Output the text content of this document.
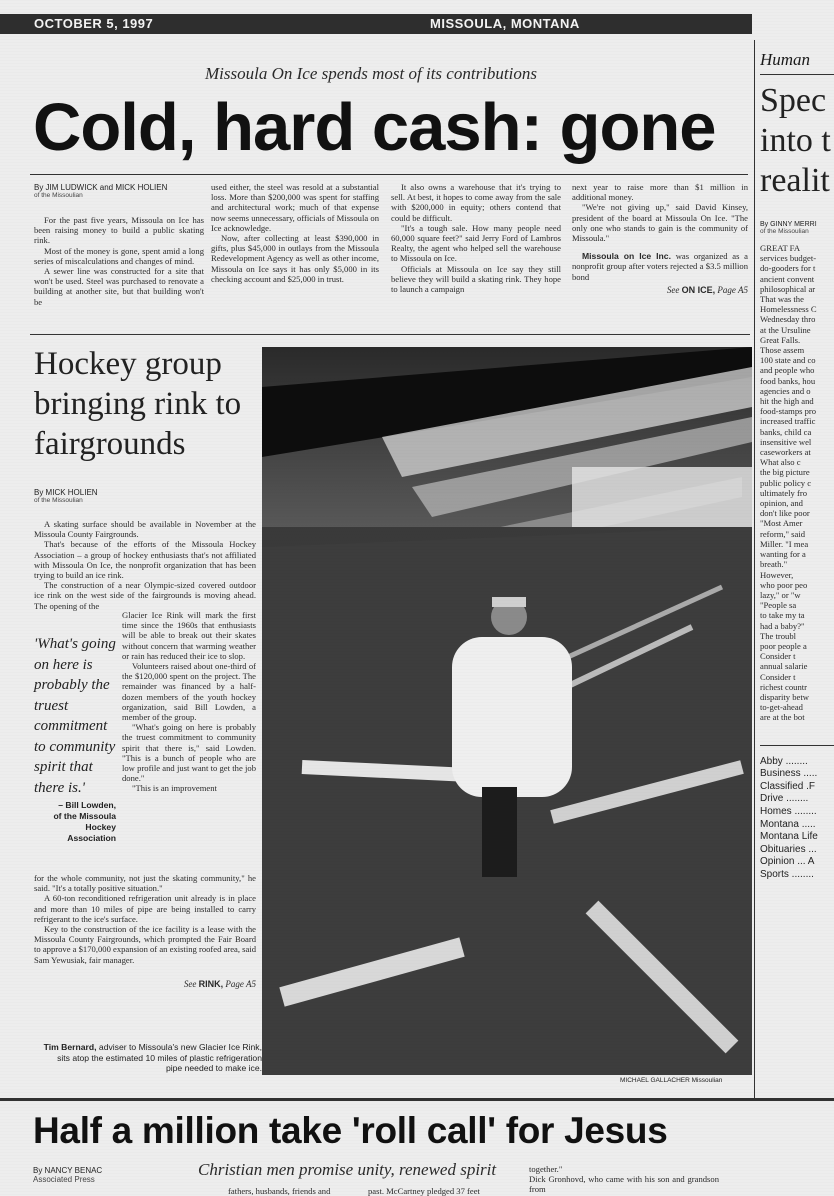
OCTOBER 5, 1997	MISSOULA, MONTANA
Missoula On Ice spends most of its contributions
Cold, hard cash: gone
By JIM LUDWICK and MICK HOLIEN
of the Missoulian

For the past five years, Missoula on Ice has been raising money to build a public skating rink.

Most of the money is gone, spent amid a long series of miscalculations and changes of mind.

A sewer line was constructed for a site that won't be used. Steel was purchased to renovate a building at another site, but that building won't be

used either, the steel was resold at a substantial loss. More than $200,000 was spent for staffing and architectural work; much of that expense now seems unnecessary, officials of Missoula on Ice acknowledge.

Now, after collecting at least $390,000 in gifts, plus $45,000 in outlays from the Missoula Redevelopment Agency as well as other income, Missoula on Ice says it has only $5,000 in its checking account and $25,000 in trust.

It also owns a warehouse that it's trying to sell. At best, it hopes to come away from the sale with $200,000 in equity; others contend that could be difficult.

"It's a tough sale. How many people need 60,000 square feet?" said Jerry Ford of Lambros Realty, the agent who helped sell the warehouse to Missoula on Ice.

Officials at Missoula on Ice say they still believe they will build a skating rink. They hope to launch a campaign

next year to raise more than $1 million in additional money.

"We're not giving up," said David Kinsey, president of the board at Missoula On Ice. "The only one who stands to gain is the community of Missoula."

Missoula on Ice Inc. was organized as a nonprofit group after voters rejected a $3.5 million bond

See ON ICE, Page A5
Hockey group bringing rink to fairgrounds
By MICK HOLIEN
of the Missoulian

A skating surface should be available in November at the Missoula County Fairgrounds.

That's because of the efforts of the Missoula Hockey Association – a group of hockey enthusiasts that's not affiliated with Missoula On Ice, the nonprofit organization that has been trying to build an ice rink.

The construction of a near Olympic-sized covered outdoor ice rink on the west side of the fairgrounds is moving ahead. The opening of the

'What's going on here is probably the truest commitment to community spirit that there is.'
– Bill Lowden,
of the Missoula
Hockey
Association

Glacier Ice Rink will mark the first time since the 1960s that enthusiasts will be able to break out their skates without concern that warming weather or rain has reduced their ice to slop.

Volunteers raised about one-third of the $120,000 spent on the project. The remainder was financed by a half-dozen members of the youth hockey organization, said Bill Lowden, a member of the group.

"What's going on here is probably the truest commitment to community spirit that there is," said Lowden. "This is a bunch of people who are low profile and just want to get the job done."

"This is an improvement

for the whole community, not just the skating community," he said. "It's a totally positive situation."

A 60-ton reconditioned refrigeration unit already is in place and more than 10 miles of pipe are being installed to carry refrigerant to the ice's surface.

Key to the construction of the ice facility is a lease with the Missoula County Fairgrounds, which prompted the Fair Board to approve a $170,000 expansion of an existing roofed area, said Sam Yewusiak, fair manager.

See RINK, Page A5
Tim Bernard, adviser to Missoula's new Glacier Ice Rink, sits atop the estimated 10 miles of plastic refrigeration pipe needed to make ice.
MICHAEL GALLACHER Missoulian
Half a million take 'roll call' for Jesus
By NANCY BENAC
Associated Press
Christian men promise unity, renewed spirit
fathers, husbands, friends and	past. McCartney pledged 37 feet
together."
Dick Gronhovd, who came with his son and grandson from
Human
Spec
into t
realit
By GINNY MERRI
of the Missoulian
GREAT FA
services budget-
do-gooders for t
ancient convent
philosophical ar
That was the
Homelessness C
Wednesday thro
at the Ursuline
Great Falls.
Those assem
100 state and co
and people who
food banks, hou
agencies and o
hit the high and
food-stamps pro
increased traffic
banks, child ca
insensitive wel
caseworkers at
What also c
the big picture
public policy c
ultimately fro
opinion, and
don't like poor
"Most Amer
reform," said
Miller. "I mea
wanting for a
breath."
However,
who poor peo
lazy," or "w
"People sa
to take my ta
had a baby?"
The troubl
poor people a
Consider t
annual salarie
Consider t
richest countr
disparity betw
to-get-ahead
are at the bot
Abby ........
Business .....
Classified .F
Drive ........
Homes ........
Montana .....
Montana Life
Obituaries ...
Opinion ... A
Sports ........
